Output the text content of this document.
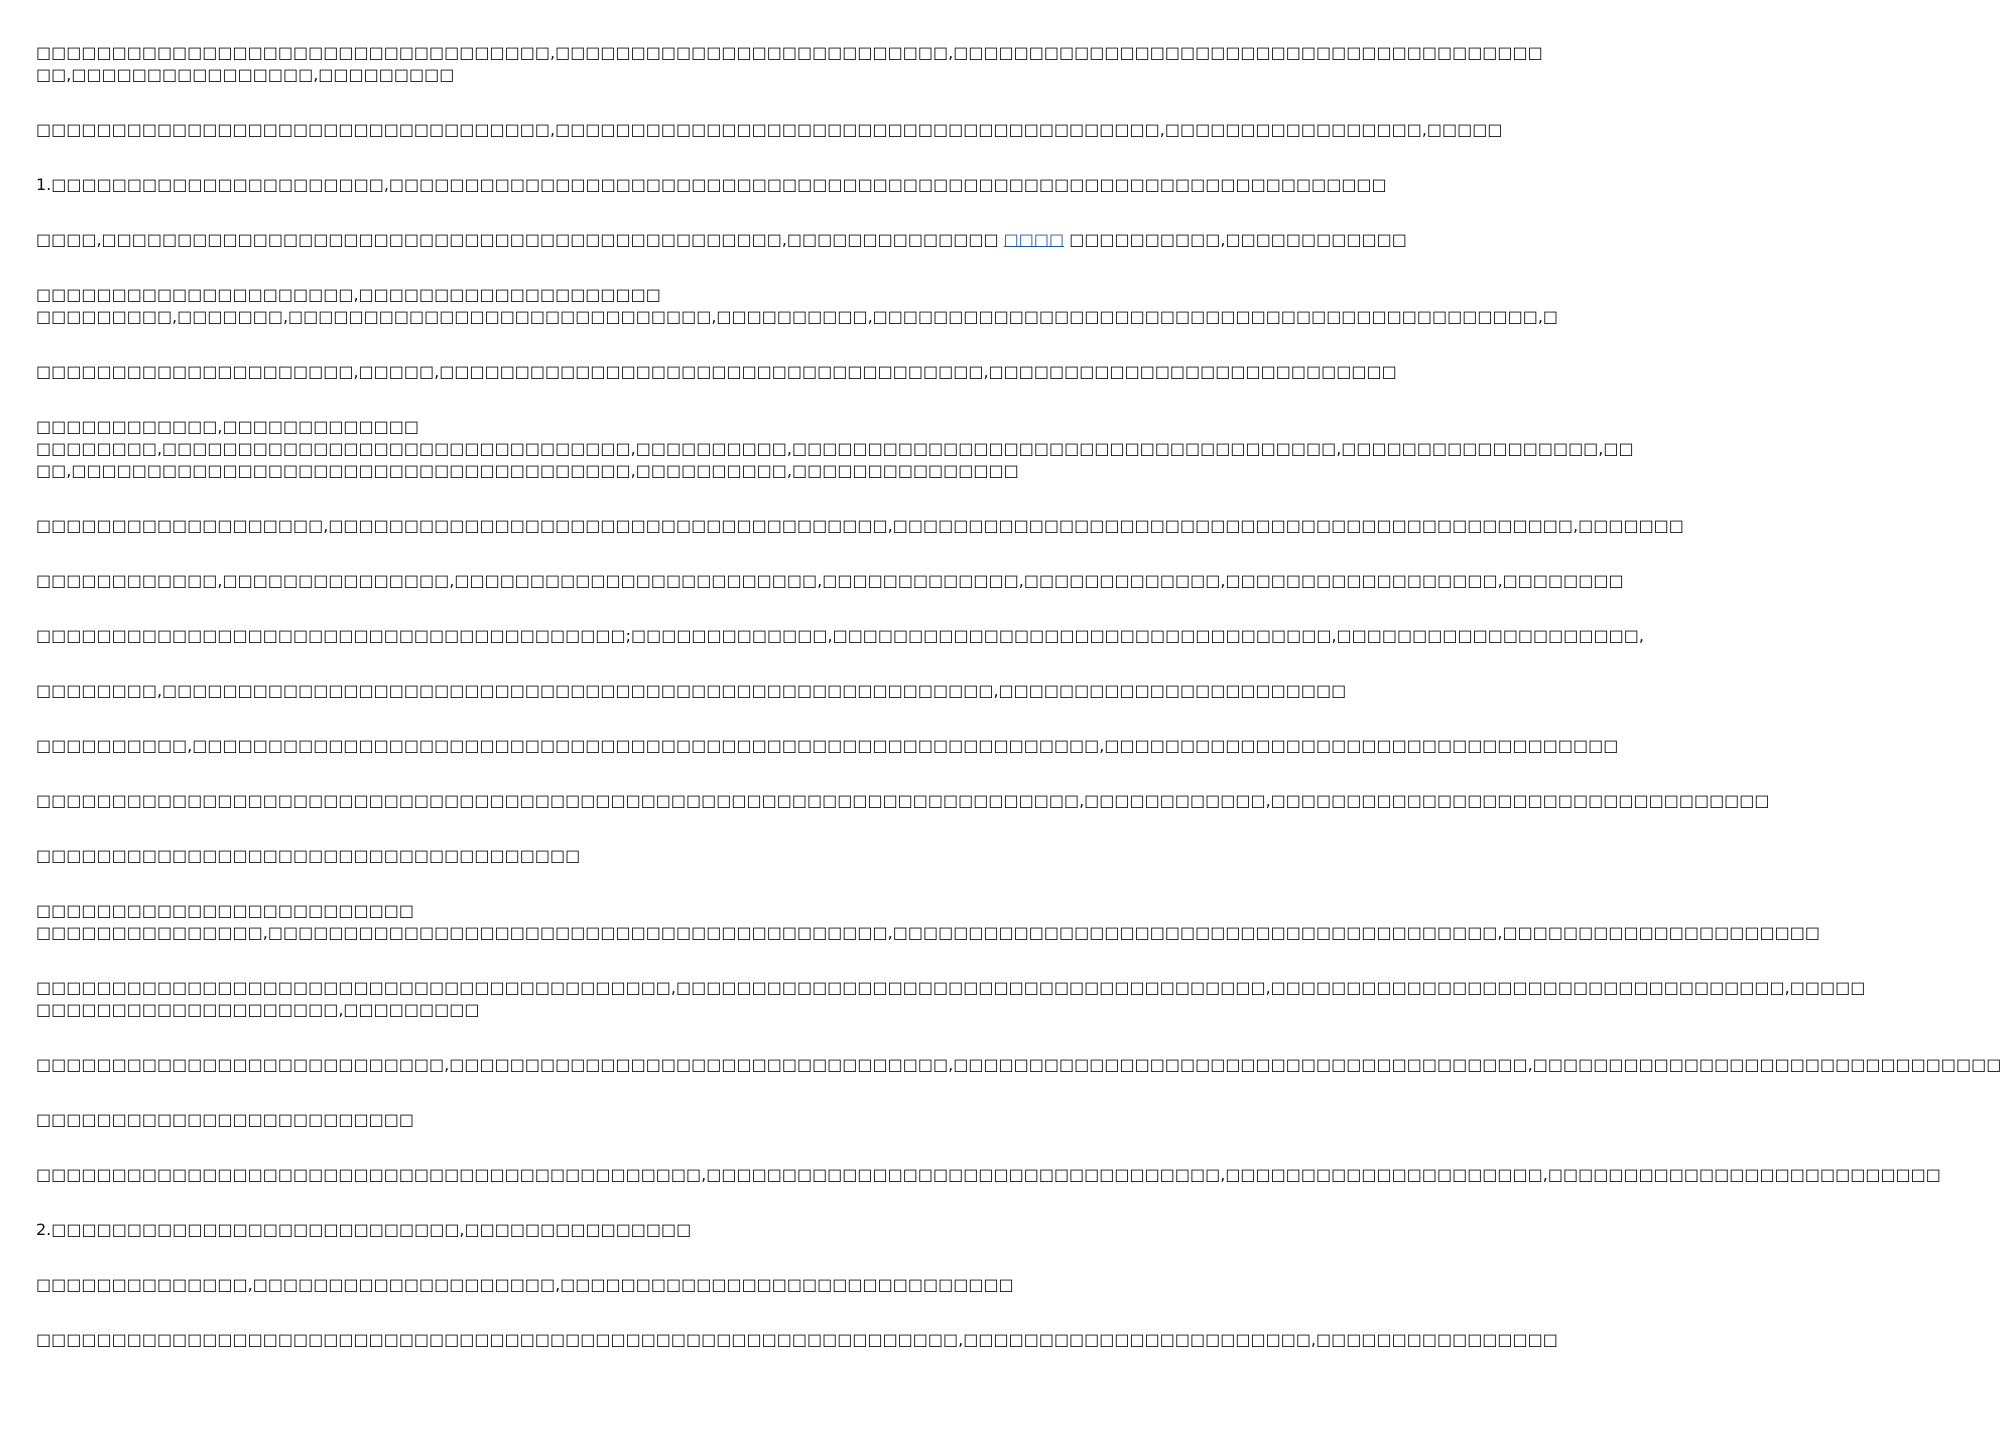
□□□□□□□□□□□□□□□□□□□□□□□□□□□□□□□□□□,□□□□□□□□□□□□□□□□□□□□□□□□□□,□□□□□□□□□□□□□□□□□□□□□□□□□□□□□□□□□□□□□□□
□□,□□□□□□□□□□□□□□□□,□□□□□□□□□
□□□□□□□□□□□□□□□□□□□□□□□□□□□□□□□□□□,□□□□□□□□□□□□□□□□□□□□□□□□□□□□□□□□□□□□□□□□,□□□□□□□□□□□□□□□□□,□□□□□
1.□□□□□□□□□□□□□□□□□□□□□□,□□□□□□□□□□□□□□□□□□□□□□□□□□□□□□□□□□□□□□□□□□□□□□□□□□□□□□□□□□□□□□□□□□
□□□□,□□□□□□□□□□□□□□□□□□□□□□□□□□□□□□□□□□□□□□□□□□□□□,□□□□□□□□□□□□□□ □□□□ □□□□□□□□□□,□□□□□□□□□□□□
□□□□□□□□□□□□□□□□□□□□□,□□□□□□□□□□□□□□□□□□□□
□□□□□□□□□,□□□□□□□,□□□□□□□□□□□□□□□□□□□□□□□□□□□□,□□□□□□□□□□,□□□□□□□□□□□□□□□□□□□□□□□□□□□□□□□□□□□□□□□□□□□□,□
□□□□□□□□□□□□□□□□□□□□□,□□□□□,□□□□□□□□□□□□□□□□□□□□□□□□□□□□□□□□□□□□,□□□□□□□□□□□□□□□□□□□□□□□□□□□
□□□□□□□□□□□□,□□□□□□□□□□□□□
□□□□□□□□,□□□□□□□□□□□□□□□□□□□□□□□□□□□□□□□,□□□□□□□□□□,□□□□□□□□□□□□□□□□□□□□□□□□□□□□□□□□□□□□,□□□□□□□□□□□□□□□□□,□□
□□,□□□□□□□□□□□□□□□□□□□□□□□□□□□□□□□□□□□□□,□□□□□□□□□□,□□□□□□□□□□□□□□□
□□□□□□□□□□□□□□□□□□□,□□□□□□□□□□□□□□□□□□□□□□□□□□□□□□□□□□□□□,□□□□□□□□□□□□□□□□□□□□□□□□□□□□□□□□□□□□□□□□□□□□□,□□□□□□□
□□□□□□□□□□□□,□□□□□□□□□□□□□□□,□□□□□□□□□□□□□□□□□□□□□□□□,□□□□□□□□□□□□□,□□□□□□□□□□□□□,□□□□□□□□□□□□□□□□□□,□□□□□□□□
□□□□□□□□□□□□□□□□□□□□□□□□□□□□□□□□□□□□□□□;□□□□□□□□□□□□□,□□□□□□□□□□□□□□□□□□□□□□□□□□□□□□□□□,□□□□□□□□□□□□□□□□□□□□,
□□□□□□□□,□□□□□□□□□□□□□□□□□□□□□□□□□□□□□□□□□□□□□□□□□□□□□□□□□□□□□□□,□□□□□□□□□□□□□□□□□□□□□□□
□□□□□□□□□□,□□□□□□□□□□□□□□□□□□□□□□□□□□□□□□□□□□□□□□□□□□□□□□□□□□□□□□□□□□□□,□□□□□□□□□□□□□□□□□□□□□□□□□□□□□□□□□□
□□□□□□□□□□□□□□□□□□□□□□□□□□□□□□□□□□□□□□□□□□□□□□□□□□□□□□□□□□□□□□□□□□□□□,□□□□□□□□□□□□,□□□□□□□□□□□□□□□□□□□□□□□□□□□□□□□□□
□□□□□□□□□□□□□□□□□□□□□□□□□□□□□□□□□□□□
□□□□□□□□□□□□□□□□□□□□□□□□□
□□□□□□□□□□□□□□□,□□□□□□□□□□□□□□□□□□□□□□□□□□□□□□□□□□□□□□□□□,□□□□□□□□□□□□□□□□□□□□□□□□□□□□□□□□□□□□□□□□,□□□□□□□□□□□□□□□□□□□□□
□□□□□□□□□□□□□□□□□□□□□□□□□□□□□□□□□□□□□□□□□□,□□□□□□□□□□□□□□□□□□□□□□□□□□□□□□□□□□□□□□□,□□□□□□□□□□□□□□□□□□□□□□□□□□□□□□□□□□,□□□□□
□□□□□□□□□□□□□□□□□□□□,□□□□□□□□□
□□□□□□□□□□□□□□□□□□□□□□□□□□□,□□□□□□□□□□□□□□□□□□□□□□□□□□□□□□□□□,□□□□□□□□□□□□□□□□□□□□□□□□□□□□□□□□□□□□□□,□□□□□□□□□□□□□□□□□□□□□□□□□□□□□□□
□□□□□□□□□□□□□□□□□□□□□□□□□
□□□□□□□□□□□□□□□□□□□□□□□□□□□□□□□□□□□□□□□□□□□□,□□□□□□□□□□□□□□□□□□□□□□□□□□□□□□□□□□,□□□□□□□□□□□□□□□□□□□□□,□□□□□□□□□□□□□□□□□□□□□□□□□□
2.□□□□□□□□□□□□□□□□□□□□□□□□□□□,□□□□□□□□□□□□□□□
□□□□□□□□□□□□□□,□□□□□□□□□□□□□□□□□□□□,□□□□□□□□□□□□□□□□□□□□□□□□□□□□□□
□□□□□□□□□□□□□□□□□□□□□□□□□□□□□□□□□□□□□□□□□□□□□□□□□□□□□□□□□□□□□,□□□□□□□□□□□□□□□□□□□□□□□,□□□□□□□□□□□□□□□□
